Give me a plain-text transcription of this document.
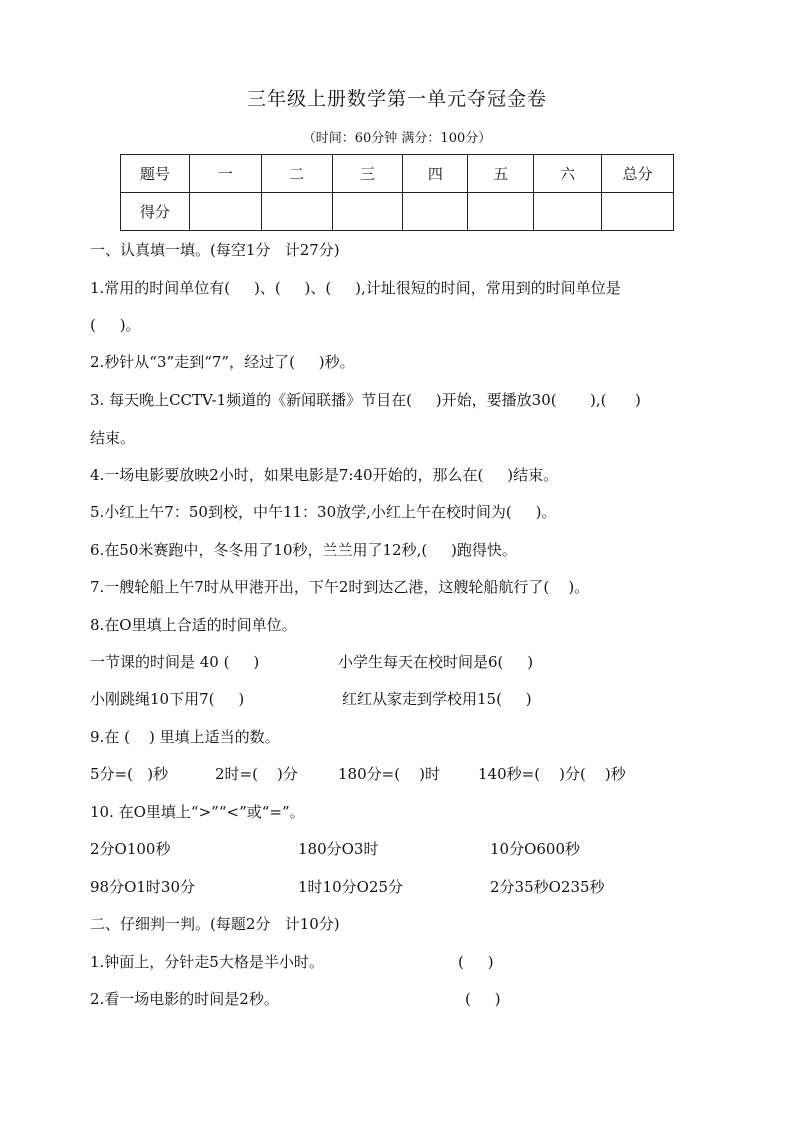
三年级上册数学第一单元夺冠金卷
（时间：60分钟 满分：100分）
题号	一	二	三	四	五	六	总分
得分							
一、认真填一填。(每空1分   计27分)
1.常用的时间单位有(     )、(     )、(     ),计址很短的时间，常用到的时间单位是
(     )。
2.秒针从“3”走到“7”，经过了(     )秒。
3. 每天晚上CCTV-1频道的《新闻联播》节目在(     )开始，要播放30(       ),(      )
结束。
4.一场电影要放映2小时，如果电影是7:40开始的，那么在(     )结束。
5.小红上午7：50到校，中午11：30放学,小红上午在校时间为(     )。
6.在50米赛跑中，冬冬用了10秒，兰兰用了12秒,(     )跑得快。
7.一艘轮船上午7时从甲港开出，下午2时到达乙港，这艘轮船航行了(    )。
8.在O里填上合适的时间单位。
一节课的时间是 40 (     )	小学生每天在校时间是6(     )
小刚跳绳10下用7(     )	红红从家走到学校用15(     )
9.在 (    ) 里填上适当的数。
5分=(   )秒	2时=(    )分	180分=(    )时	140秒=(    )分(    )秒
10. 在O里填上“>”“<”或“=”。
2分O100秒	180分O3时	10分O600秒
98分O1时30分	1时10分O25分	2分35秒O235秒
二、仔细判一判。(每题2分   计10分)
1.钟面上，分针走5大格是半小时。	(     )
2.看一场电影的时间是2秒。	(     )
